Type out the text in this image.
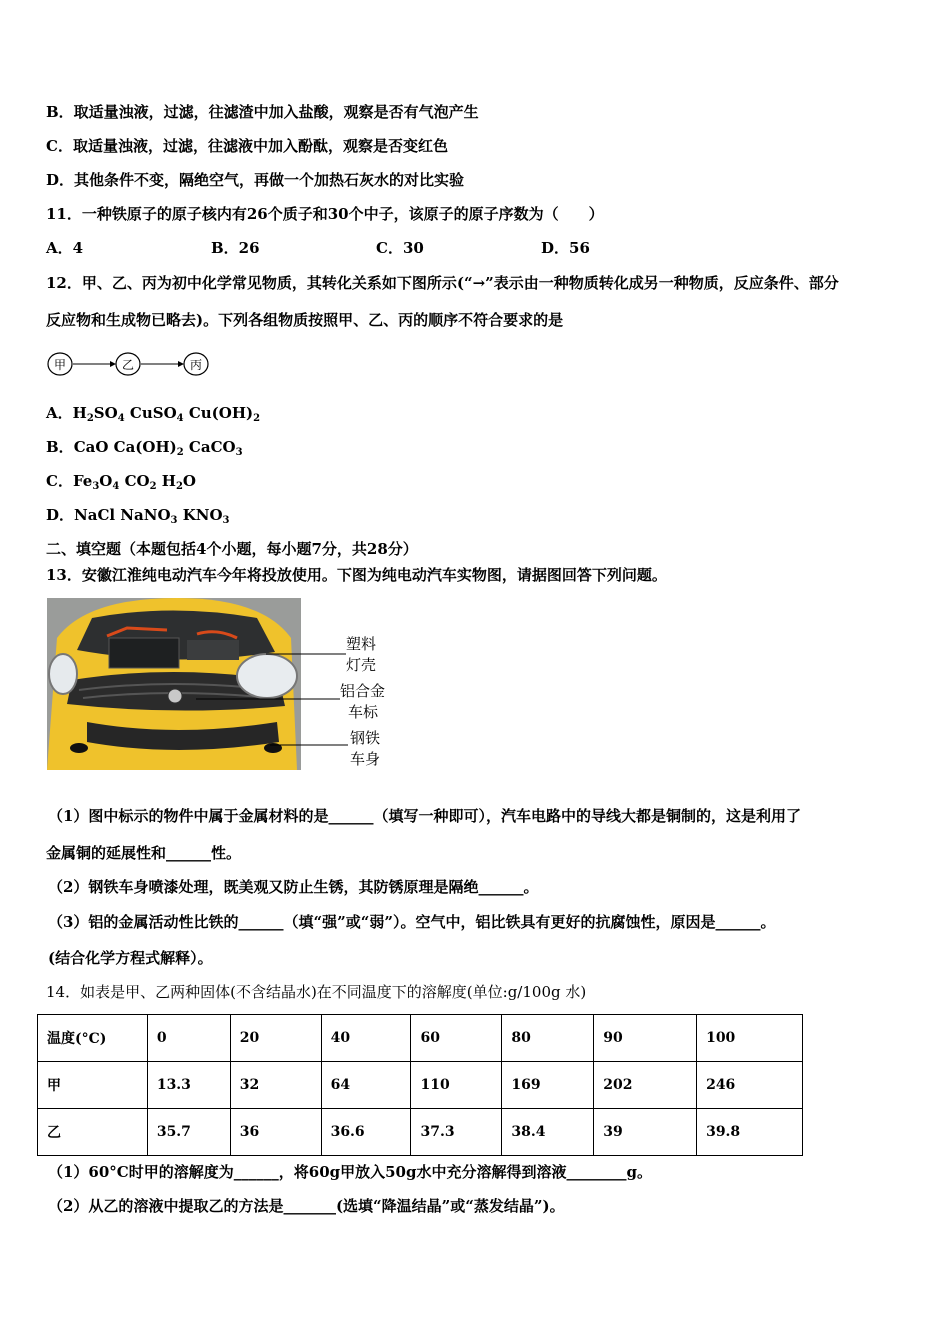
B．取适量浊液，过滤，往滤渣中加入盐酸，观察是否有气泡产生
C．取适量浊液，过滤，往滤液中加入酚酞，观察是否变红色
D．其他条件不变，隔绝空气，再做一个加热石灰水的对比实验
11．一种铁原子的原子核内有26个质子和30个中子，该原子的原子序数为（　　）
A．4	B．26	C．30	D．56
12．甲、乙、丙为初中化学常见物质，其转化关系如下图所示(“→”表示由一种物质转化成另一种物质，反应条件、部分
反应物和生成物已略去)。下列各组物质按照甲、乙、丙的顺序不符合要求的是
甲	乙	丙
A．$H_2SO_4$ CuSO$_4$ $Cu(OH)_2$
B．CaO $Ca(OH)_2$ CaCO$_3$
C．$Fe_3O_4$ $CO_2$ $H_2O$
D．NaCl NaNO$_3$ $KNO_3$
二、填空题（本题包括4个小题，每小题7分，共28分）
13．安徽江淮纯电动汽车今年将投放使用。下图为纯电动汽车实物图，请据图回答下列问题。
塑料
灯壳
铝合金
车标
钢铁
车身
（1）图中标示的物件中属于金属材料的是______（填写一种即可），汽车电路中的导线大都是铜制的，这是利用了
金属铜的延展性和______性。
（2）钢铁车身喷漆处理，既美观又防止生锈，其防锈原理是隔绝______。
（3）铝的金属活动性比铁的______（填“强”或“弱”）。空气中，铝比铁具有更好的抗腐蚀性，原因是______。
(结合化学方程式解释）。
14．如表是甲、乙两种固体(不含结晶水)在不同温度下的溶解度(单位:g/100g 水)
温度(°C)	0	20	40	60	80	90	100
甲	13.3	32	64	110	169	202	246
乙	35.7	36	36.6	37.3	38.4	39	39.8
（1）60°C时甲的溶解度为______，将60g甲放入50g水中充分溶解得到溶液________g。
（2）从乙的溶液中提取乙的方法是_______(选填“降温结晶”或“蒸发结晶”)。
